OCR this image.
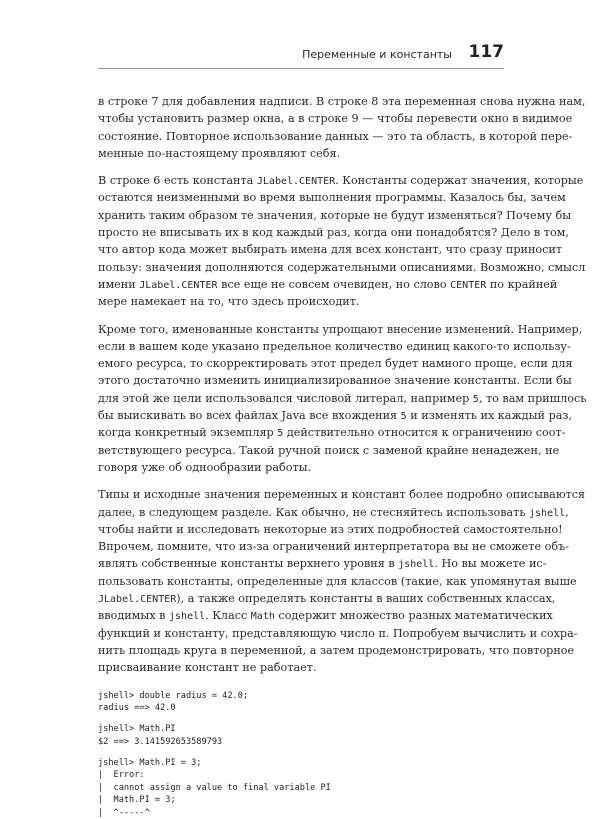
Переменные и константы 117
в строке 7 для добавления надписи. В строке 8 эта переменная снова нужна нам,
чтобы установить размер окна, а в строке 9 — чтобы перевести окно в видимое
состояние. Повторное использование данных — это та область, в которой пере-
менные по-настоящему проявляют себя.
В строке 6 есть константа JLabel.CENTER. Константы содержат значения, которые
остаются неизменными во время выполнения программы. Казалось бы, зачем
хранить таким образом те значения, которые не будут изменяться? Почему бы
просто не вписывать их в код каждый раз, когда они понадобятся? Дело в том,
что автор кода может выбирать имена для всех констант, что сразу приносит
пользу: значения дополняются содержательными описаниями. Возможно, смысл
имени JLabel.CENTER все еще не совсем очевиден, но слово CENTER по крайней
мере намекает на то, что здесь происходит.
Кроме того, именованные константы упрощают внесение изменений. Например,
если в вашем коде указано предельное количество единиц какого-то использу-
емого ресурса, то скорректировать этот предел будет намного проще, если для
этого достаточно изменить инициализированное значение константы. Если бы
для этой же цели использовался числовой литерал, например 5, то вам пришлось
бы выискивать во всех файлах Java все вхождения 5 и изменять их каждый раз,
когда конкретный экземпляр 5 действительно относится к ограничению соот-
ветствующего ресурса. Такой ручной поиск с заменой крайне ненадежен, не
говоря уже об однообразии работы.
Типы и исходные значения переменных и констант более подробно описываются
далее, в следующем разделе. Как обычно, не стесняйтесь использовать jshell,
чтобы найти и исследовать некоторые из этих подробностей самостоятельно!
Впрочем, помните, что из-за ограничений интерпретатора вы не сможете объ-
являть собственные константы верхнего уровня в jshell. Но вы можете ис-
пользовать константы, определенные для классов (такие, как упомянутая выше
JLabel.CENTER), а также определять константы в ваших собственных классах,
вводимых в jshell. Класс Math содержит множество разных математических
функций и константу, представляющую число π. Попробуем вычислить и сохра-
нить площадь круга в переменной, а затем продемонстрировать, что повторное
присваивание констант не работает.
jshell> double radius = 42.0;
radius ==> 42.0
jshell> Math.PI
$2 ==> 3.141592653589793
jshell> Math.PI = 3;
|  Error:
|  cannot assign a value to final variable PI
|  Math.PI = 3;
|  ^-----^
